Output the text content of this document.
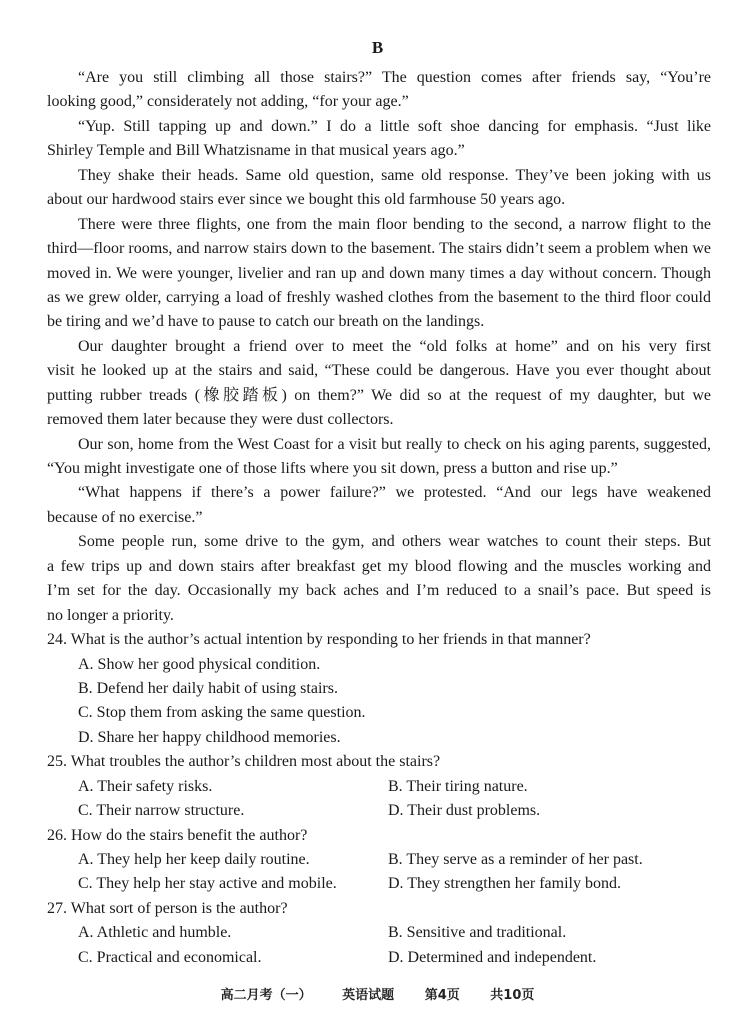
B
“Are you still climbing all those stairs?” The question comes after friends say, “You’re
looking good,” considerately not adding, “for your age.”
“Yup. Still tapping up and down.” I do a little soft shoe dancing for emphasis. “Just like
Shirley Temple and Bill Whatzisname in that musical years ago.”
They shake their heads. Same old question, same old response. They’ve been joking with us
about our hardwood stairs ever since we bought this old farmhouse 50 years ago.
There were three flights, one from the main floor bending to the second, a narrow flight to the
third—floor rooms, and narrow stairs down to the basement. The stairs didn’t seem a problem when we
moved in. We were younger, livelier and ran up and down many times a day without concern. Though
as we grew older, carrying a load of freshly washed clothes from the basement to the third floor could
be tiring and we’d have to pause to catch our breath on the landings.
Our daughter brought a friend over to meet the “old folks at home” and on his very first
visit he looked up at the stairs and said, “These could be dangerous. Have you ever thought about
putting rubber treads (橡胶踏板) on them?” We did so at the request of my daughter, but we
removed them later because they were dust collectors.
Our son, home from the West Coast for a visit but really to check on his aging parents, suggested,
“You might investigate one of those lifts where you sit down, press a button and rise up.”
“What happens if there’s a power failure?” we protested. “And our legs have weakened
because of no exercise.”
Some people run, some drive to the gym, and others wear watches to count their steps. But
a few trips up and down stairs after breakfast get my blood flowing and the muscles working and
I’m set for the day. Occasionally my back aches and I’m reduced to a snail’s pace. But speed is
no longer a priority.
24. What is the author’s actual intention by responding to her friends in that manner?
A. Show her good physical condition.
B. Defend her daily habit of using stairs.
C. Stop them from asking the same question.
D. Share her happy childhood memories.
25. What troubles the author’s children most about the stairs?
A. Their safety risks.	B. Their tiring nature.
C. Their narrow structure.	D. Their dust problems.
26. How do the stairs benefit the author?
A. They help her keep daily routine.	B. They serve as a reminder of her past.
C. They help her stay active and mobile.	D. They strengthen her family bond.
27. What sort of person is the author?
A. Athletic and humble.	B. Sensitive and traditional.
C. Practical and economical.	D. Determined and independent.
高二月考（一） 英语试题 第4页 共10页
